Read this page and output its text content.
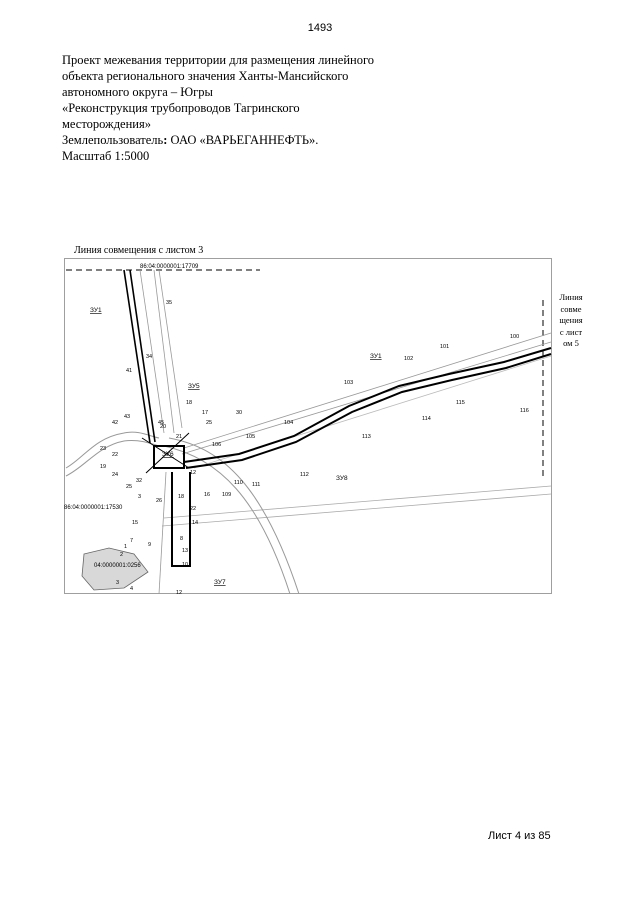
1493
Проект межевания территории для размещения линейного
объекта регионального значения Ханты-Мансийского
автономного округа – Югры
«Реконструкция трубопроводов Тагринского
месторождения»
Землепользователь: ОАО «ВАРЬЕГАННЕФТЬ».
Масштаб 1:5000
Линия совмещения с листом 3
86:04:0000001:17709
86:04:0000001:17530
04:0000001:0256
ЗУ1
ЗУ1
ЗУ5
ЗУ6
ЗУ7
ЗУ8
35
34
41
45
43
42
23
22
19
24
25
32
3
18
17
20
30
25
21
106
105
104
103
102
101
100
113
114
115
116
112
111
110
109
16
12
18
26
22
14
15
13
8
7
1
2
3
4
9
10
12
Линия совмещения с листом 5
Лист 4 из 85
